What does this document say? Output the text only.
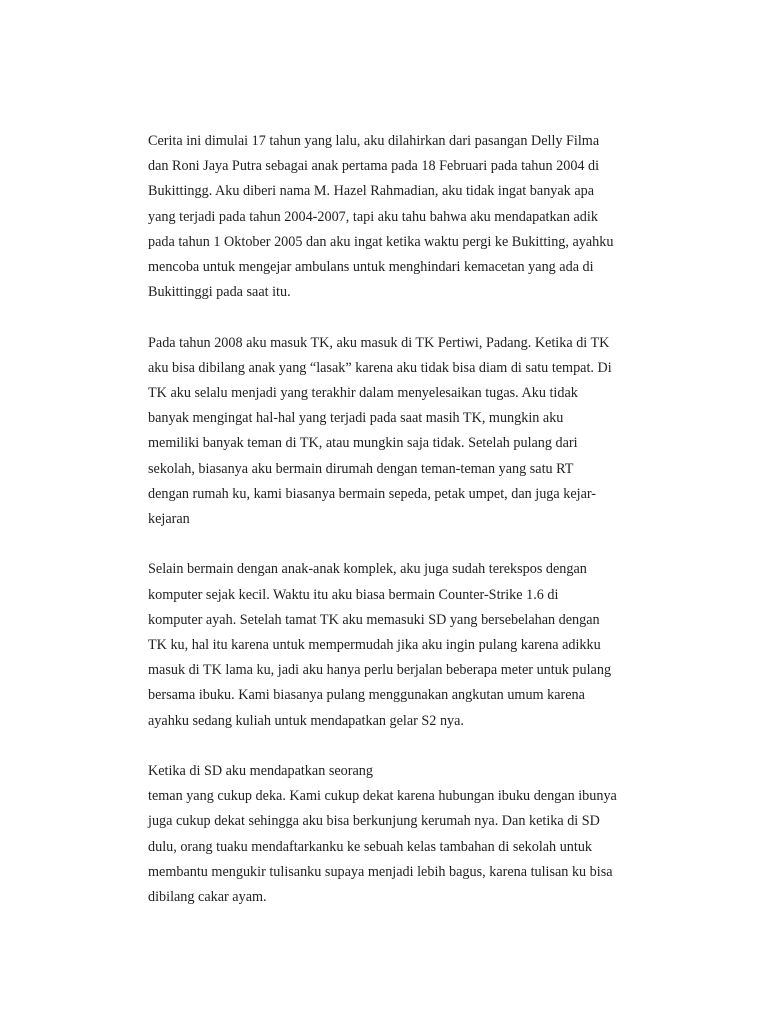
Cerita ini dimulai 17 tahun yang lalu, aku dilahirkan dari pasangan Delly Filma
dan Roni Jaya Putra sebagai anak pertama pada 18 Februari pada tahun 2004 di
Bukittingg. Aku diberi nama M. Hazel Rahmadian, aku tidak ingat banyak apa
yang terjadi pada tahun 2004-2007, tapi aku tahu bahwa aku mendapatkan adik
pada tahun 1 Oktober 2005 dan aku ingat ketika waktu pergi ke Bukitting, ayahku
mencoba untuk mengejar ambulans untuk menghindari kemacetan yang ada di
Bukittinggi pada saat itu.

Pada tahun 2008 aku masuk TK, aku masuk di TK Pertiwi, Padang. Ketika di TK
aku bisa dibilang anak yang “lasak” karena aku tidak bisa diam di satu tempat. Di
TK aku selalu menjadi yang terakhir dalam menyelesaikan tugas. Aku tidak
banyak mengingat hal-hal yang terjadi pada saat masih TK, mungkin aku
memiliki banyak teman di TK, atau mungkin saja tidak. Setelah pulang dari
sekolah, biasanya aku bermain dirumah dengan teman-teman yang satu RT
dengan rumah ku, kami biasanya bermain sepeda, petak umpet, dan juga kejar-
kejaran

Selain bermain dengan anak-anak komplek, aku juga sudah terekspos dengan
komputer sejak kecil. Waktu itu aku biasa bermain Counter-Strike 1.6 di
komputer ayah. Setelah tamat TK aku memasuki SD yang bersebelahan dengan
TK ku, hal itu karena untuk mempermudah jika aku ingin pulang karena adikku
masuk di TK lama ku, jadi aku hanya perlu berjalan beberapa meter untuk pulang
bersama ibuku. Kami biasanya pulang menggunakan angkutan umum karena
ayahku sedang kuliah untuk mendapatkan gelar S2 nya.

Ketika di SD aku mendapatkan seorang
teman yang cukup deka. Kami cukup dekat karena hubungan ibuku dengan ibunya
juga cukup dekat sehingga aku bisa berkunjung kerumah nya. Dan ketika di SD
dulu, orang tuaku mendaftarkanku ke sebuah kelas tambahan di sekolah untuk
membantu mengukir tulisanku supaya menjadi lebih bagus, karena tulisan ku bisa
dibilang cakar ayam.
